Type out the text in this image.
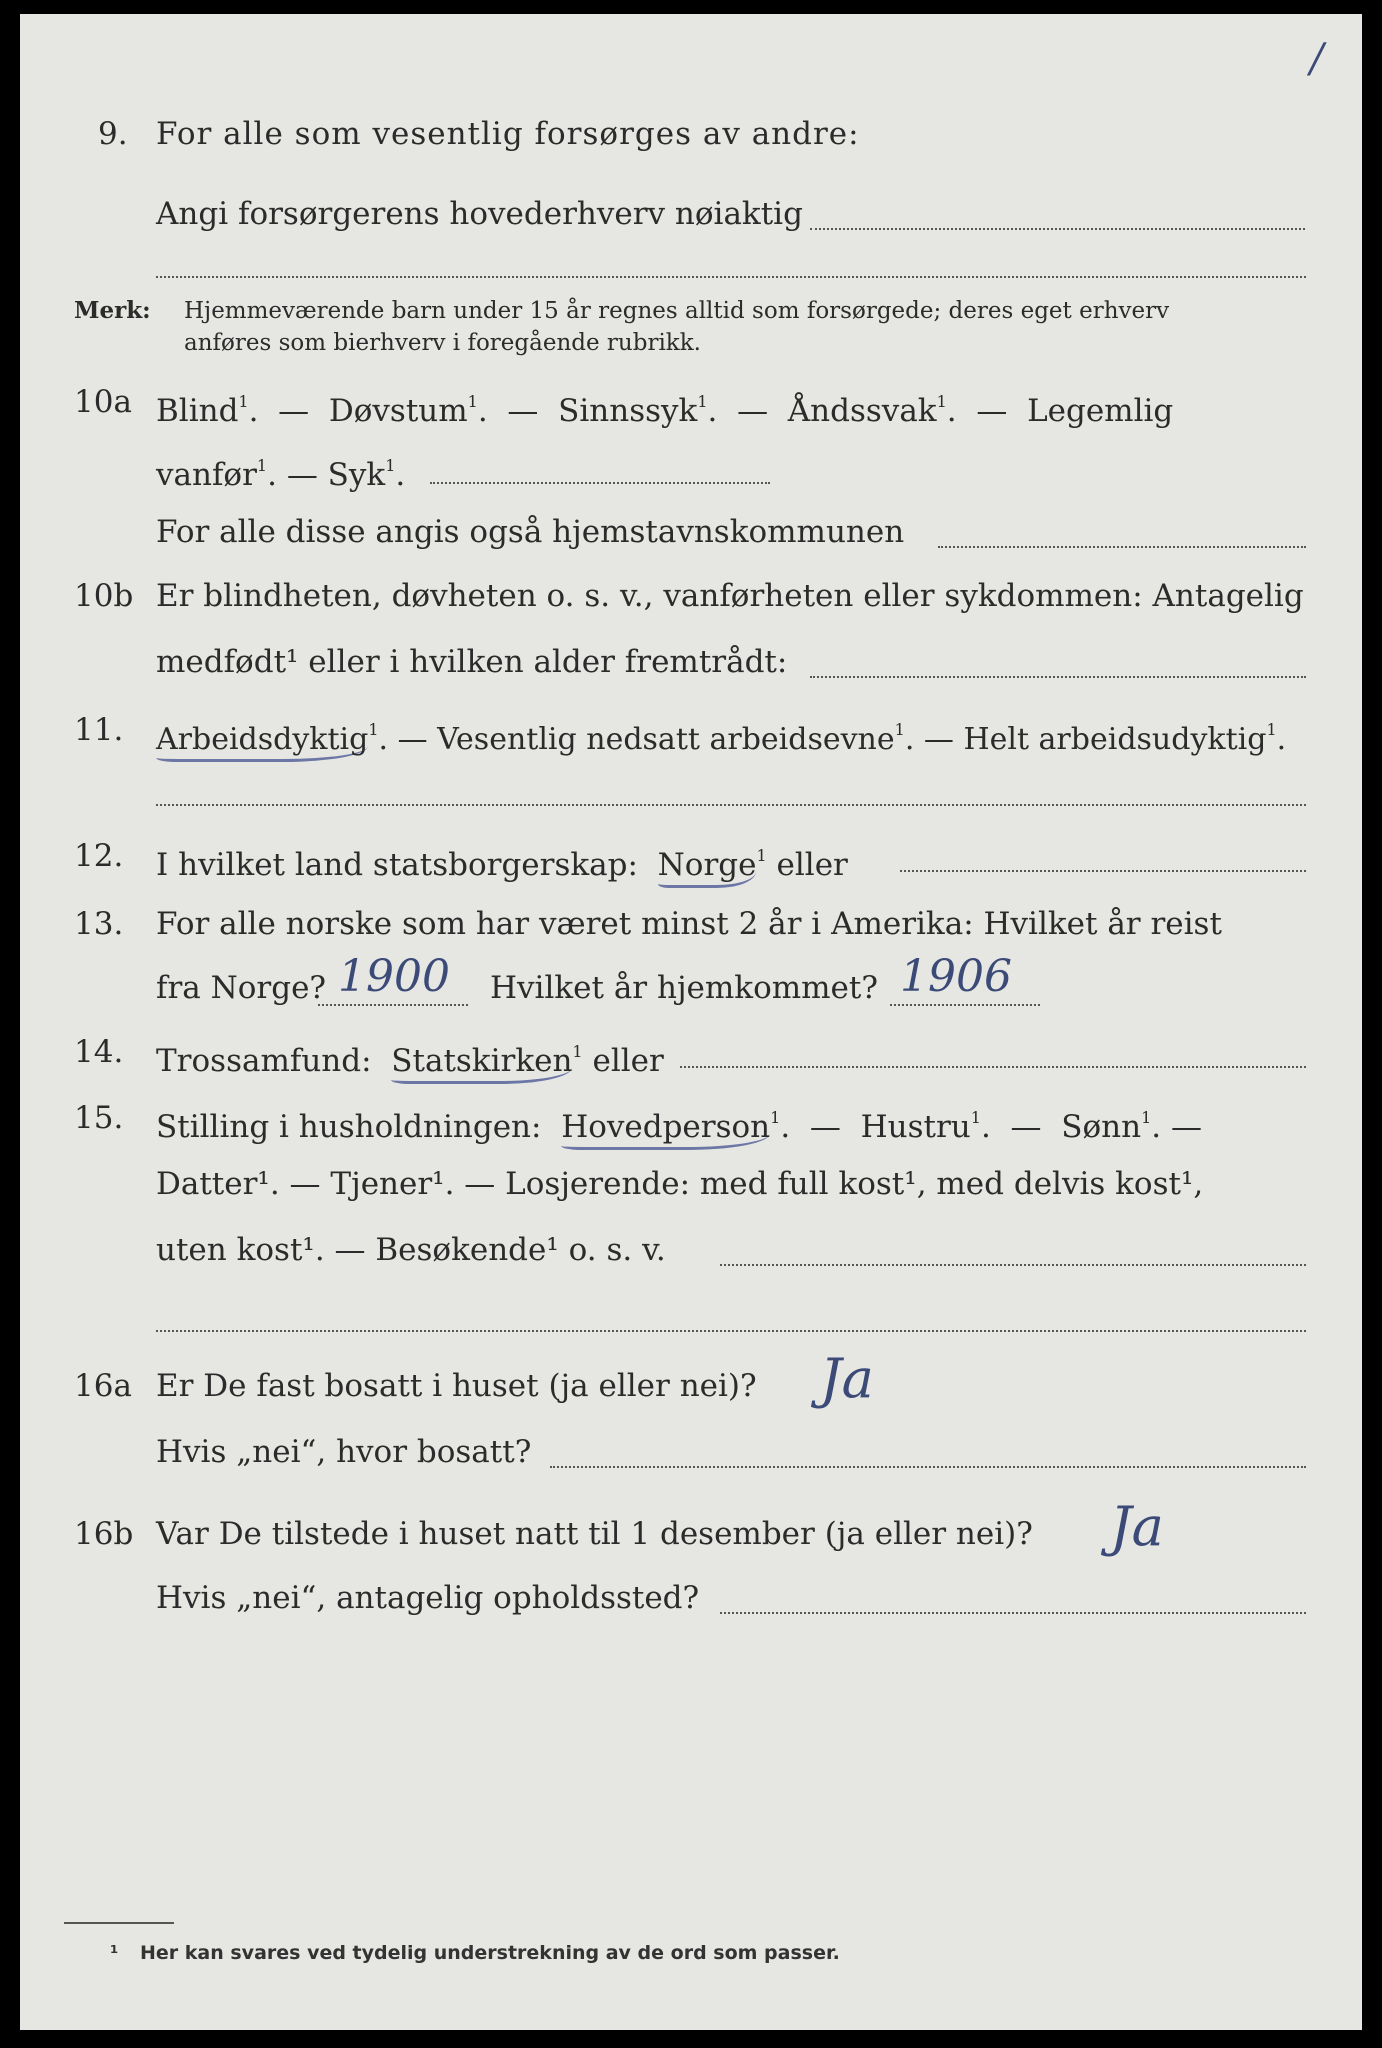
/
9. For alle som vesentlig forsørges av andre:
Angi forsørgerens hovederhverv nøiaktig
Merk: Hjemmeværende barn under 15 år regnes alltid som forsørgede; deres eget erhverv
anføres som bierhverv i foregående rubrikk.
10a Blind$^1$.  —  Døvstum$^1$.  —  Sinnssyk$^1$.  —  Åndssvak$^1$.  —  Legemlig
vanfør$^1$. — Syk$^1$.
For alle disse angis også hjemstavnskommunen
10b Er blindheten, døvheten o. s. v., vanførheten eller sykdommen: Antagelig
medfødt¹ eller i hvilken alder fremtrådt:
11. Arbeidsdyktig$^1$. — Vesentlig nedsatt arbeidsevne$^1$. — Helt arbeidsudyktig$^1$.
12. I hvilket land statsborgerskap: Norge$^1$ eller
13. For alle norske som har været minst 2 år i Amerika: Hvilket år reist
fra Norge? 1900 Hvilket år hjemkommet? 1906
14. Trossamfund: Statskirken$^1$ eller
15. Stilling i husholdningen: Hovedperson$^1$.  —  Hustru$^1$.  —  Sønn$^1$. —
Datter¹. — Tjener¹. — Losjerende: med full kost¹, med delvis kost¹,
uten kost¹. — Besøkende¹ o. s. v.
16a Er De fast bosatt i huset (ja eller nei)? Ja
Hvis „nei“, hvor bosatt?
16b Var De tilstede i huset natt til 1 desember (ja eller nei)? Ja
Hvis „nei“, antagelig opholdssted?
¹ Her kan svares ved tydelig understrekning av de ord som passer.
